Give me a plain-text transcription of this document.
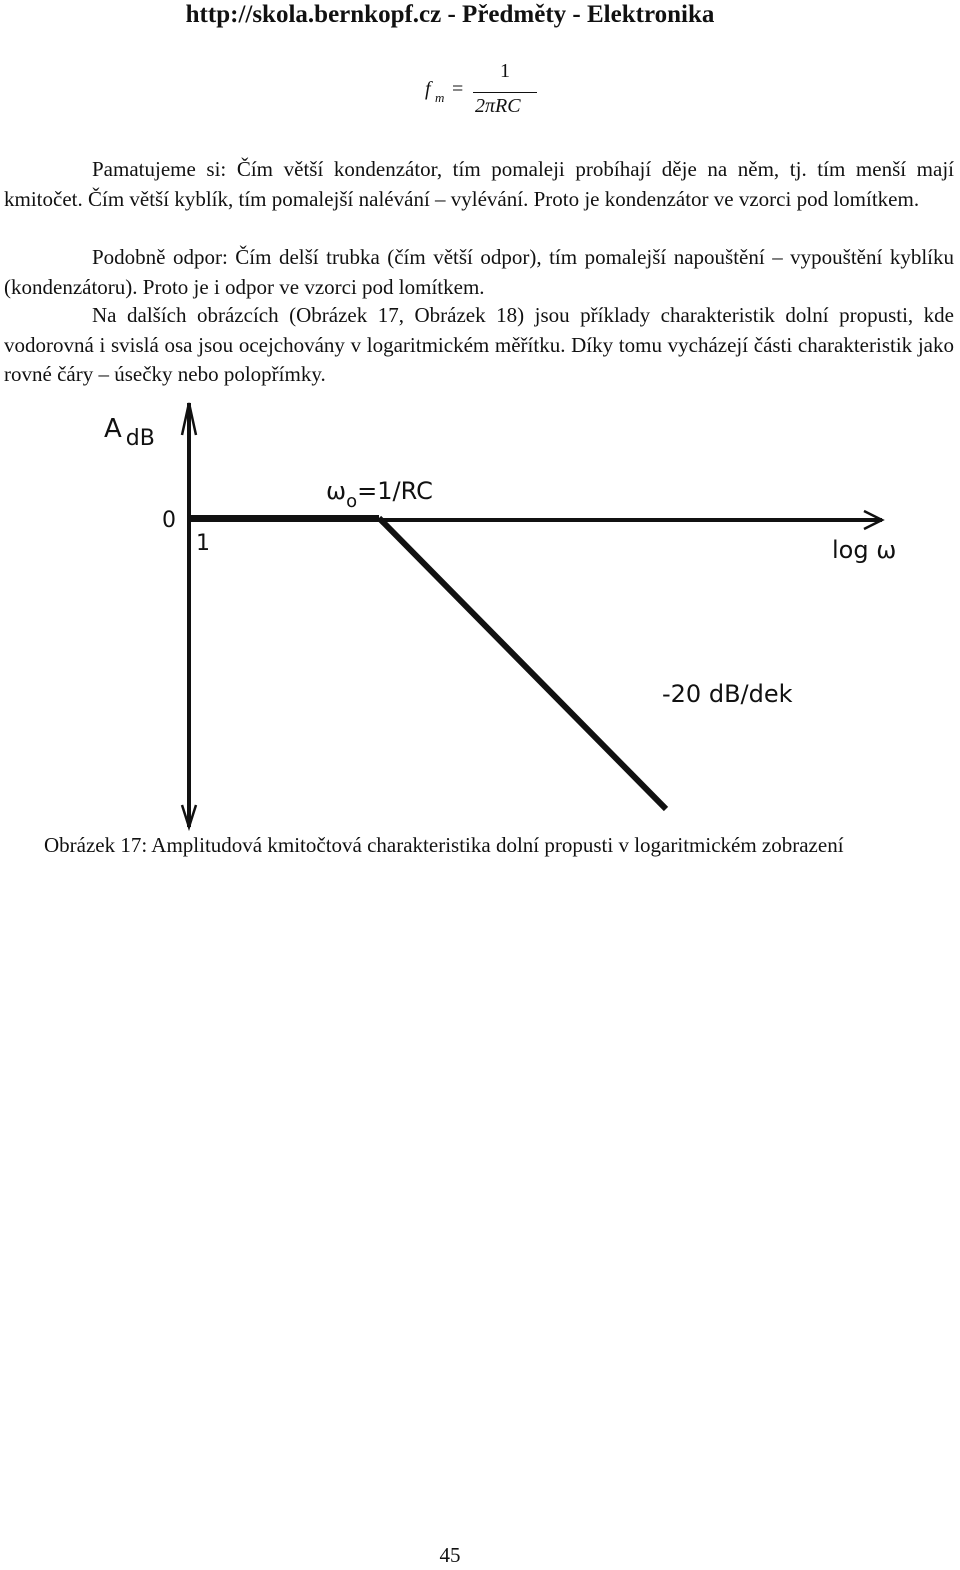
http://skola.bernkopf.cz - Předměty - Elektronika
f m =
1
2πRC

Pamatujeme si: Čím větší kondenzátor, tím pomaleji probíhají děje na něm, tj. tím menší mají kmitočet. Čím větší kyblík, tím pomalejší nalévání – vylévání. Proto je kondenzátor ve vzorci pod lomítkem.

Podobně odpor: Čím delší trubka (čím větší odpor), tím pomalejší napouštění – vypouštění kyblíku (kondenzátoru). Proto je i odpor ve vzorci pod lomítkem.

Na dalších obrázcích (Obrázek 17, Obrázek 18) jsou příklady charakteristik dolní propusti, kde vodorovná i svislá osa jsou ocejchovány v logaritmickém měřítku. Díky tomu vycházejí části charakteristik jako rovné čáry – úsečky nebo polopřímky.

A $_{dB}$
0
1
$\omega_o=1/RC$
log ω
-20 dB/dek

Obrázek 17: Amplitudová kmitočtová charakteristika dolní propusti v logaritmickém zobrazení

45
